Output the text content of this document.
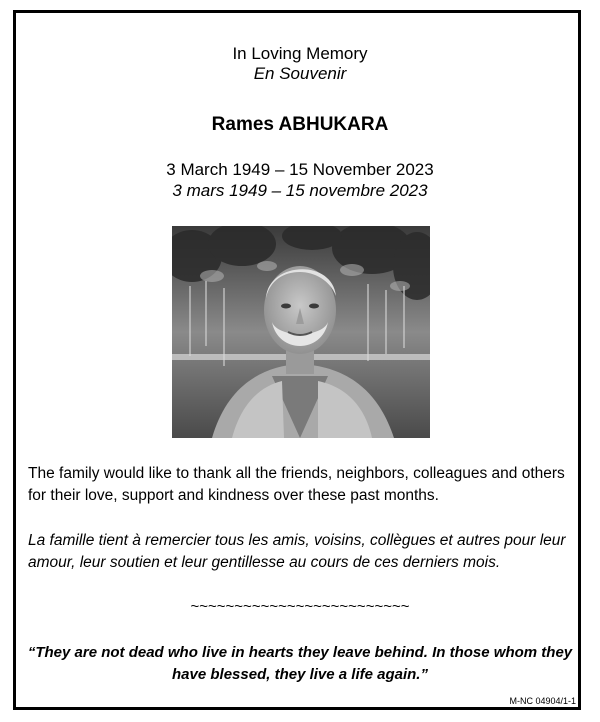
In Loving Memory
En Souvenir
Rames ABHUKARA
3 March 1949 – 15 November 2023
3 mars 1949 – 15 novembre 2023
The family would like to thank all the friends, neighbors, colleagues and others
for their love, support and kindness over these past months.
La famille tient à remercier tous les amis, voisins, collègues et autres pour leur
amour, leur soutien et leur gentillesse au cours de ces derniers mois.
~~~~~~~~~~~~~~~~~~~~~~~~~
“They are not dead who live in hearts they leave behind. In those whom they
have blessed, they live a life again.”
M-NC 04904/1-1
